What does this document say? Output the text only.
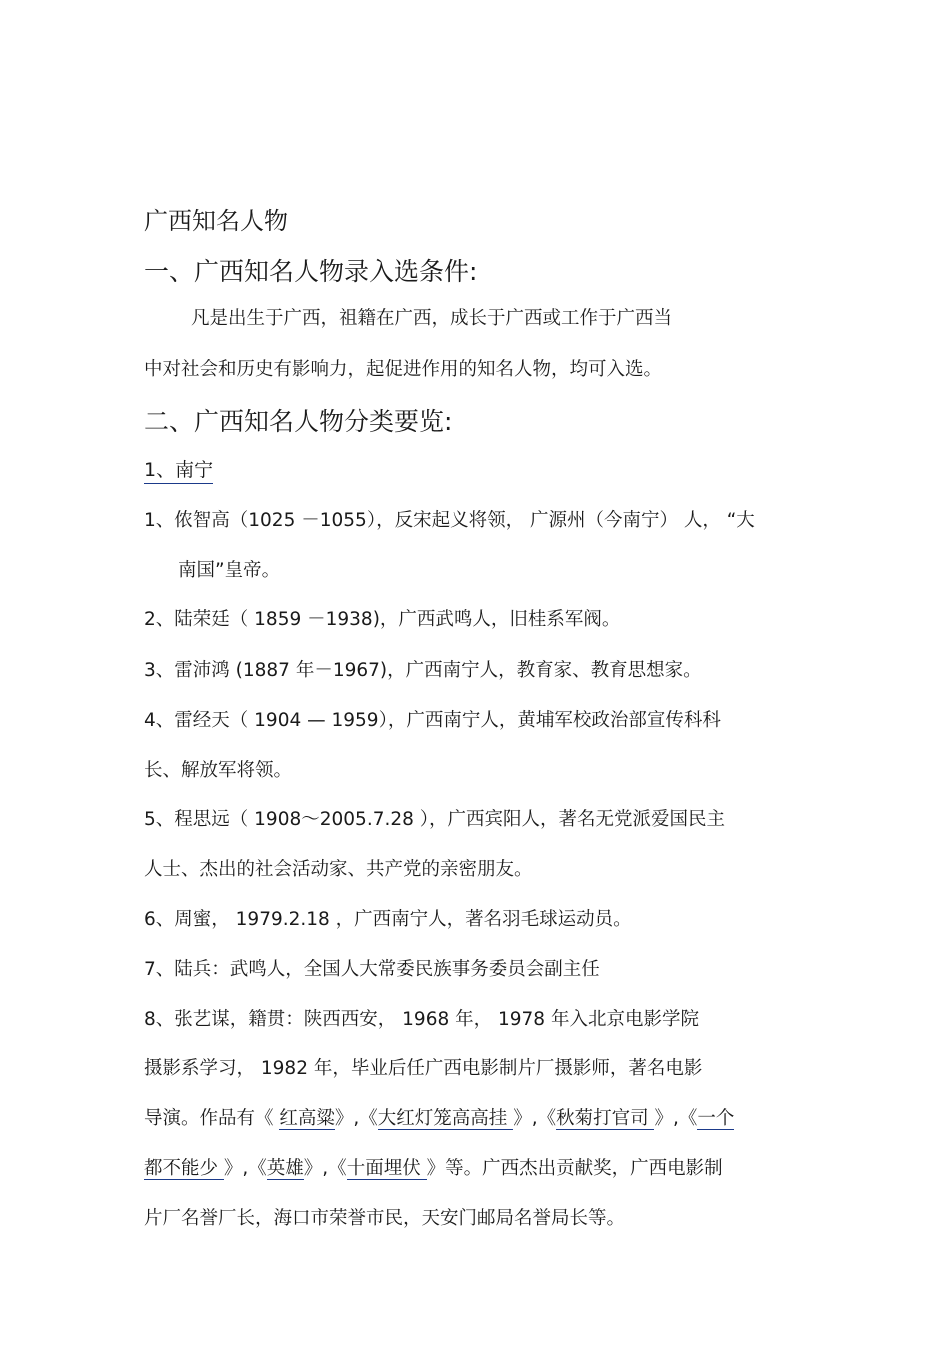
广西知名人物
一、广西知名人物录入选条件:
凡是出生于广西，祖籍在广西，成长于广西或工作于广西当
中对社会和历史有影响力，起促进作用的知名人物，均可入选。
二、广西知名人物分类要览:
1、南宁
1、侬智高（1025 －1055），反宋起义将领， 广源州（今南宁） 人， “大
南国”皇帝。
2、陆荣廷（ 1859 －1938)，广西武鸣人，旧桂系军阀。
3、雷沛鸿 (1887 年－1967)，广西南宁人，教育家、教育思想家。
4、雷经天（ 1904 — 1959），广西南宁人，黄埔军校政治部宣传科科
长、解放军将领。
5、程思远（ 1908～2005.7.28 ），广西宾阳人，著名无党派爱国民主
人士、杰出的社会活动家、共产党的亲密朋友。
6、周蜜， 1979.2.18 ，广西南宁人，著名羽毛球运动员。
7、陆兵：武鸣人，全国人大常委民族事务委员会副主任
8、张艺谋，籍贯：陕西西安， 1968 年， 1978 年入北京电影学院
摄影系学习， 1982 年，毕业后任广西电影制片厂摄影师，著名电影
导演。作品有《 红高粱》,《大红灯笼高高挂 》,《秋菊打官司 》,《一个
都不能少 》,《英雄》,《十面埋伏 》等。广西杰出贡献奖，广西电影制
片厂名誉厂长，海口市荣誉市民，天安门邮局名誉局长等。
